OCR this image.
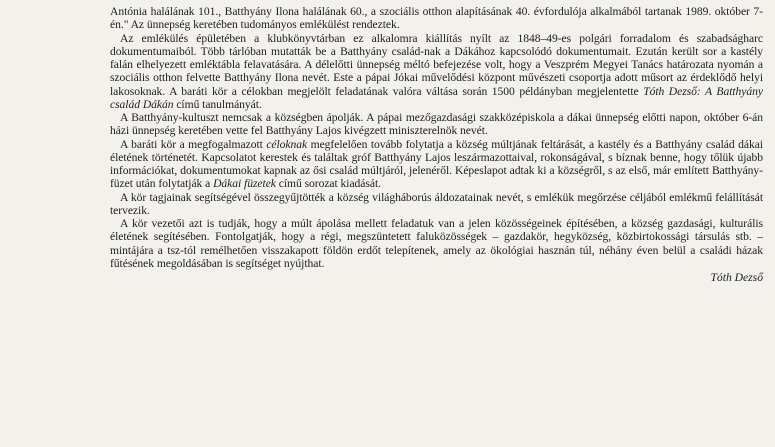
Antónia halálának 101., Batthyány Ilona halálának 60., a szociális otthon alapításának 40. évfordulója alkalmából tartanak 1989. október 7-én." Az ünnepség keretében tudományos emlékülést rendeztek.

Az emlékülés épületében a klubkönyvtárban ez alkalomra kiállítás nyílt az 1848–49-es polgári forradalom és szabadságharc dokumentumaiból. Több tárlóban mutatták be a Batthyány család-nak a Dákához kapcsolódó dokumentumait. Ezután került sor a kastély falán elhelyezett emléktábla felavatására. A délelőtti ünnepség méltó befejezése volt, hogy a Veszprém Megyei Tanács határozata nyomán a szociális otthon felvette Batthyány Ilona nevét. Este a pápai Jókai művelődési központ művészeti csoportja adott műsort az érdeklődő helyi lakosoknak. A baráti kör a célokban megjelölt feladatának valóra váltása során 1500 példányban megjelentette Tóth Dezső: A Batthyány család Dákán című tanulmányát.

A Batthyány-kultuszt nemcsak a községben ápolják. A pápai mezőgazdasági szakközépiskola a dákai ünnepség előtti napon, október 6-án házi ünnepség keretében vette fel Batthyány Lajos kivégzett miniszterelnök nevét.

A baráti kör a megfogalmazott céloknak megfelelően tovább folytatja a község múltjának feltárását, a kastély és a Batthyány család dákai életének történetét. Kapcsolatot kerestek és találtak gróf Batthyány Lajos leszármazottaival, rokonságával, s bíznak benne, hogy tőlük újabb információkat, dokumentumokat kapnak az ősi család múltjáról, jelenéről. Képeslapot adtak ki a községről, s az első, már említett Batthyány-füzet után folytatják a Dákai füzetek című sorozat kiadását.

A kör tagjainak segítségével összegyűjtötték a község világháborús áldozatainak nevét, s emlékük megőrzése céljából emlékmű felállítását tervezik.

A kör vezetői azt is tudják, hogy a múlt ápolása mellett feladatuk van a jelen közösségeinek építésében, a község gazdasági, kulturális életének segítésében. Fontolgatják, hogy a régi, megszüntetett faluközösségek – gazdakör, hegyközség, közbirtokossági társulás stb. – mintájára a tsz-tól remélhetően visszakapott földön erdőt telepítenek, amely az ökológiai hasznán túl, néhány éven belül a családi házak fűtésének megoldásában is segítséget nyújthat.

Tóth Dezső
